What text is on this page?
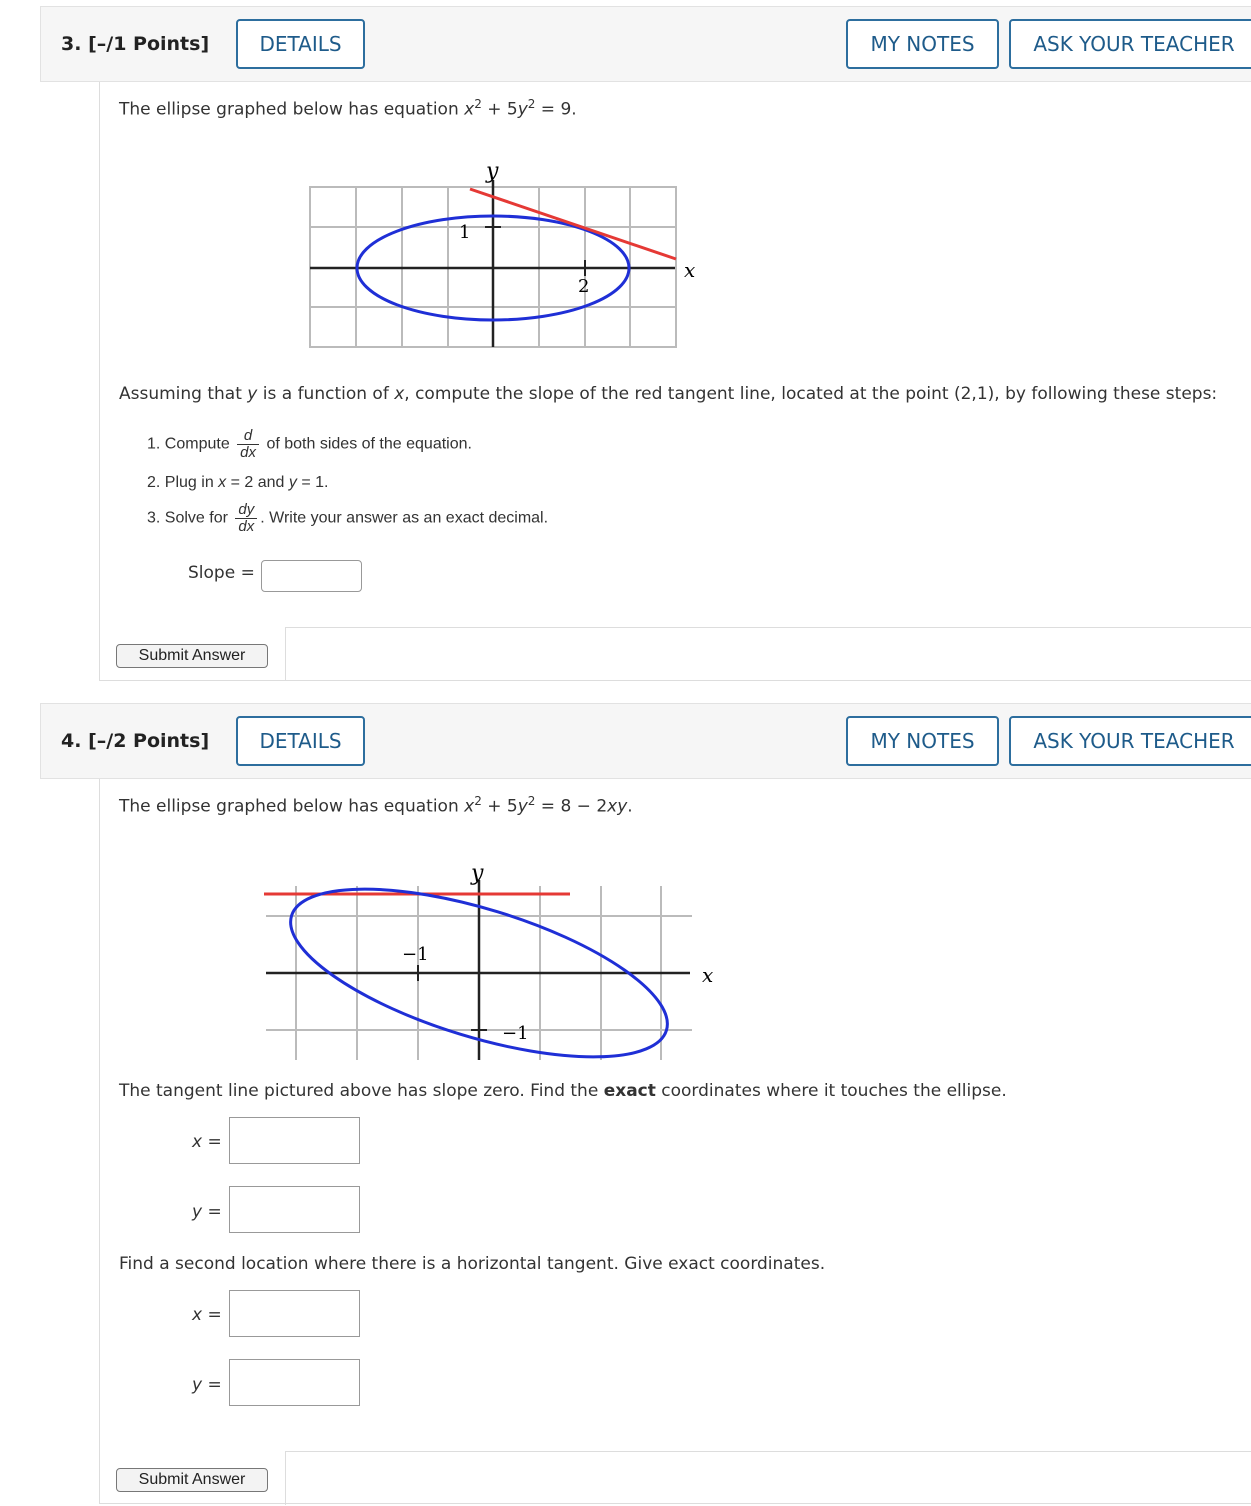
3. [–/1 Points]	DETAILS	MY NOTES	ASK YOUR TEACHER
The ellipse graphed below has equation $x^2 + 5y^2 = 9$.
y
x
1
2
Assuming that y is a function of x, compute the slope of the red tangent line, located at the point (2,1), by following these steps:
1. Compute $\frac{d}{dx}$ of both sides of the equation.
2. Plug in x = 2 and y = 1.
3. Solve for $\frac{dy}{dx}$ . Write your answer as an exact decimal.
Slope =
Submit Answer
4. [–/2 Points]	DETAILS	MY NOTES	ASK YOUR TEACHER
The ellipse graphed below has equation $x^2 + 5y^2 = 8 - 2xy$.
y
x
−1
−1
The tangent line pictured above has slope zero. Find the exact coordinates where it touches the ellipse.
x =
y =
Find a second location where there is a horizontal tangent. Give exact coordinates.
x =
y =
Submit Answer
